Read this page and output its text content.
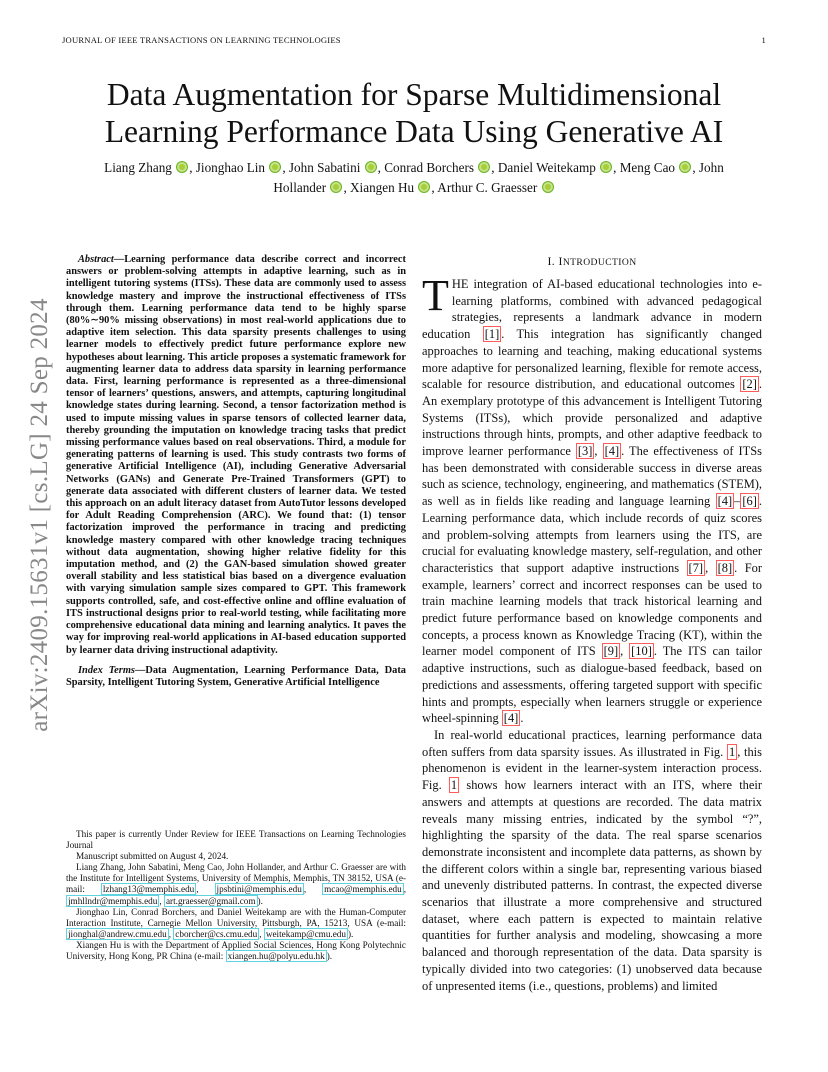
JOURNAL OF IEEE TRANSACTIONS ON LEARNING TECHNOLOGIES	1
arXiv:2409.15631v1 [cs.LG] 24 Sep 2024
Data Augmentation for Sparse Multidimensional
Learning Performance Data Using Generative AI
Liang Zhang , Jionghao Lin , John Sabatini , Conrad Borchers , Daniel Weitekamp , Meng Cao , John
Hollander , Xiangen Hu , Arthur C. Graesser

Abstract—Learning performance data describe correct and incorrect answers or problem-solving attempts in adaptive learning, such as in intelligent tutoring systems (ITSs). These data are commonly used to assess knowledge mastery and improve the instructional effectiveness of ITSs through them. Learning performance data tend to be highly sparse (80%∼90% missing observations) in most real-world applications due to adaptive item selection. This data sparsity presents challenges to using learner models to effectively predict future performance explore new hypotheses about learning. This article proposes a systematic framework for augmenting learner data to address data sparsity in learning performance data. First, learning performance is represented as a three-dimensional tensor of learners’ questions, answers, and attempts, capturing longitudinal knowledge states during learning. Second, a tensor factorization method is used to impute missing values in sparse tensors of collected learner data, thereby grounding the imputation on knowledge tracing tasks that predict missing performance values based on real observations. Third, a module for generating patterns of learning is used. This study contrasts two forms of generative Artificial Intelligence (AI), including Generative Adversarial Networks (GANs) and Generate Pre-Trained Transformers (GPT) to generate data associated with different clusters of learner data. We tested this approach on an adult literacy dataset from AutoTutor lessons developed for Adult Reading Comprehension (ARC). We found that: (1) tensor factorization improved the performance in tracing and predicting knowledge mastery compared with other knowledge tracing techniques without data augmentation, showing higher relative fidelity for this imputation method, and (2) the GAN-based simulation showed greater overall stability and less statistical bias based on a divergence evaluation with varying simulation sample sizes compared to GPT. This framework supports controlled, safe, and cost-effective online and offline evaluation of ITS instructional designs prior to real-world testing, while facilitating more comprehensive educational data mining and learning analytics. It paves the way for improving real-world applications in AI-based education supported by learner data driving instructional adaptivity.

Index Terms—Data Augmentation, Learning Performance Data, Data Sparsity, Intelligent Tutoring System, Generative Artificial Intelligence

This paper is currently Under Review for IEEE Transactions on Learning Technologies Journal

Manuscript submitted on August 4, 2024.

Liang Zhang, John Sabatini, Meng Cao, John Hollander, and Arthur C. Graesser are with the Institute for Intelligent Systems, University of Memphis, Memphis, TN 38152, USA (e-mail: lzhang13@memphis.edu , jpsbtini@memphis.edu , mcao@memphis.edu , jmhllndr@memphis.edu , art.graesser@gmail.com ).

Jionghao Lin, Conrad Borchers, and Daniel Weitekamp are with the Human-Computer Interaction Institute, Carnegie Mellon University, Pittsburgh, PA, 15213, USA (e-mail: jionghal@andrew.cmu.edu , cborcher@cs.cmu.edu , weitekamp@cmu.edu ).

Xiangen Hu is with the Department of Applied Social Sciences, Hong Kong Polytechnic University, Hong Kong, PR China (e-mail: xiangen.hu@polyu.edu.hk ).

I. INTRODUCTION

THE integration of AI-based educational technologies into e-learning platforms, combined with advanced pedagogical strategies, represents a landmark advance in modern education [1] . This integration has significantly changed approaches to learning and teaching, making educational systems more adaptive for personalized learning, flexible for remote access, scalable for resource distribution, and educational outcomes [2] . An exemplary prototype of this advancement is Intelligent Tutoring Systems (ITSs), which provide personalized and adaptive instructions through hints, prompts, and other adaptive feedback to improve learner performance [3] , [4] . The effectiveness of ITSs has been demonstrated with considerable success in diverse areas such as science, technology, engineering, and mathematics (STEM), as well as in fields like reading and language learning [4] – [6] . Learning performance data, which include records of quiz scores and problem-solving attempts from learners using the ITS, are crucial for evaluating knowledge mastery, self-regulation, and other characteristics that support adaptive instructions [7] , [8] . For example, learners’ correct and incorrect responses can be used to train machine learning models that track historical learning and predict future performance based on knowledge components and concepts, a process known as Knowledge Tracing (KT), within the learner model component of ITS [9] , [10] . The ITS can tailor adaptive instructions, such as dialogue-based feedback, based on predictions and assessments, offering targeted support with specific hints and prompts, especially when learners struggle or experience wheel-spinning [4] .

In real-world educational practices, learning performance data often suffers from data sparsity issues. As illustrated in Fig. 1 , this phenomenon is evident in the learner-system interaction process. Fig. 1 shows how learners interact with an ITS, where their answers and attempts at questions are recorded. The data matrix reveals many missing entries, indicated by the symbol “?”, highlighting the sparsity of the data. The real sparse scenarios demonstrate inconsistent and incomplete data patterns, as shown by the different colors within a single bar, representing various biased and unevenly distributed patterns. In contrast, the expected diverse scenarios that illustrate a more comprehensive and structured dataset, where each pattern is expected to maintain relative quantities for further analysis and modeling, showcasing a more balanced and thorough representation of the data. Data sparsity is typically divided into two categories: (1) unobserved data because of unpresented items (i.e., questions, problems) and limited
